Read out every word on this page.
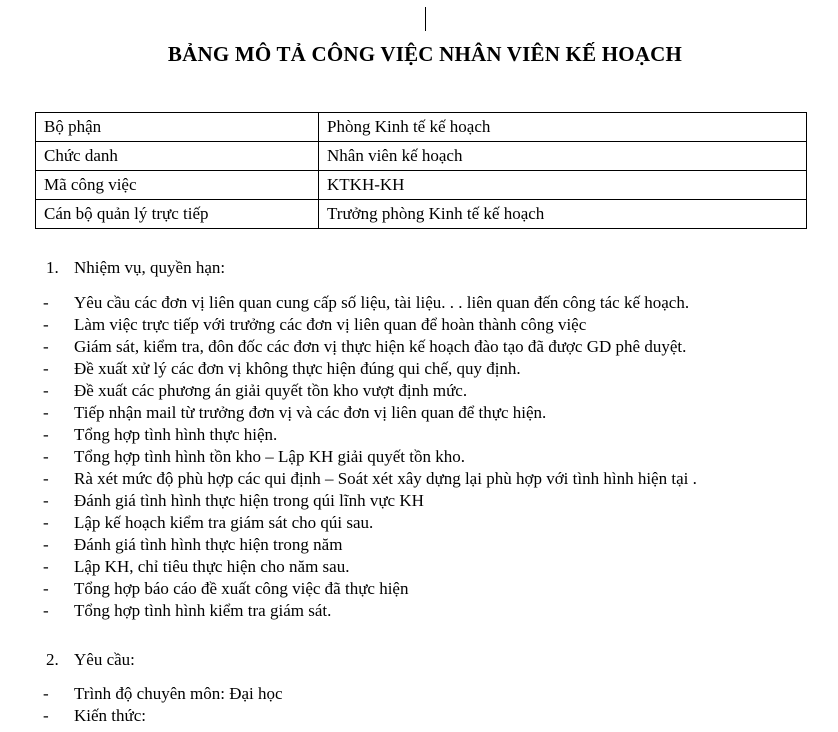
BẢNG MÔ TẢ CÔNG VIỆC NHÂN VIÊN KẾ HOẠCH
Bộ phận	Phòng Kinh tế kế hoạch
Chức danh	Nhân viên kế hoạch
Mã công việc	KTKH-KH
Cán bộ quản lý trực tiếp	Trưởng phòng Kinh tế kế hoạch
1. Nhiệm vụ, quyền hạn:
- Yêu cầu các đơn vị liên quan cung cấp số liệu, tài liệu. . . liên quan đến công tác kế hoạch.
- Làm việc trực tiếp với trưởng các đơn vị liên quan để hoàn thành công việc
- Giám sát, kiểm tra, đôn đốc các đơn vị thực hiện kế hoạch đào tạo đã được GD phê duyệt.
- Đề xuất xử lý các đơn vị không thực hiện đúng qui chế, quy định.
- Đề xuất các phương án giải quyết tồn kho vượt định mức.
- Tiếp nhận mail từ trưởng đơn vị và các đơn vị liên quan để thực hiện.
- Tổng hợp tình hình thực hiện.
- Tổng hợp tình hình tồn kho – Lập KH giải quyết tồn kho.
- Rà xét mức độ phù hợp các qui định – Soát xét xây dựng lại phù hợp với tình hình hiện tại .
- Đánh giá tình hình thực hiện trong qúi lĩnh vực KH
- Lập kế hoạch kiểm tra giám sát cho qúi sau.
- Đánh giá tình hình thực hiện trong năm
- Lập KH, chỉ tiêu thực hiện cho năm sau.
- Tổng hợp báo cáo đề xuất công việc đã thực hiện
- Tổng hợp tình hình kiểm tra giám sát.
2. Yêu cầu:
- Trình độ chuyên môn: Đại học
- Kiến thức:
